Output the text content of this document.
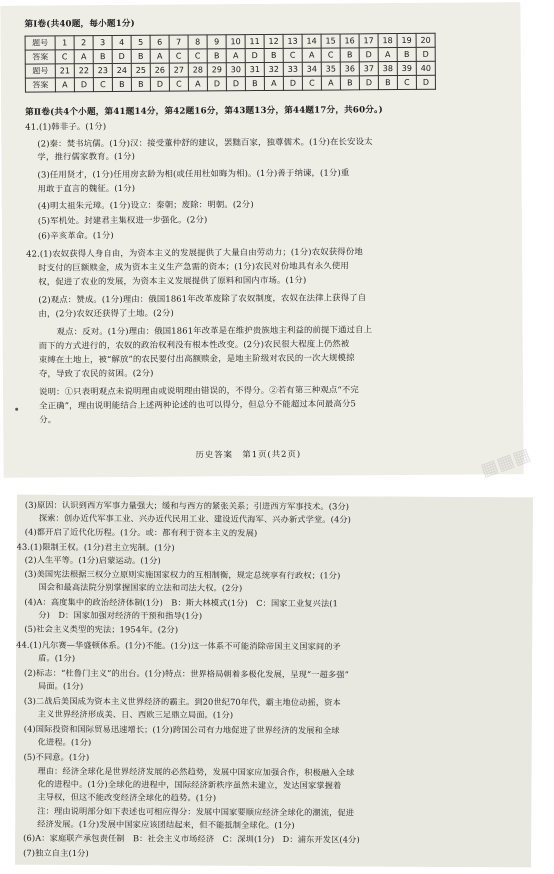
第Ⅰ卷(共40题，每小题1分)
题号	1	2	3	4	5	6	7	8	9	10	11	12	13	14	15	16	17	18	19	20
答案	C	A	B	D	B	A	C	C	B	A	D	B	C	A	C	B	D	A	B	D
题号	21	22	23	24	25	26	27	28	29	30	31	32	33	34	35	36	37	38	39	40
答案	A	D	C	B	B	D	C	A	D	D	B	A	D	C	A	B	D	B	C	D
第Ⅱ卷(共4个小题，第41题14分，第42题16分，第43题13分，第44题17分，共60分。)
41.(1)韩非子。(1分)
(2)秦：焚书坑儒。(1分)汉：接受董仲舒的建议，罢黜百家，独尊儒术。(1分)在长安设太
学，推行儒家教育。(1分)
(3)任用贤才，(1分)任用房玄龄为相(或任用杜如晦为相)。(1分)善于纳谏，(1分)重
用敢于直言的魏征。(1分)
(4)明太祖朱元璋。(1分)设立：秦朝；废除：明朝。(2分)
(5)军机处。封建君主集权进一步强化。(2分)
(6)辛亥革命。(1分)
42.(1)农奴获得人身自由，为资本主义的发展提供了大量自由劳动力；(1分)农奴获得份地
时支付的巨额赎金，成为资本主义生产急需的资本；(1分)农民对份地具有永久使用
权，促进了农业的发展，为资本主义发展提供了原料和国内市场。(1分)
(2)观点：赞成。(1分)理由：俄国1861年改革废除了农奴制度，农奴在法律上获得了自
由，(2分)农奴还获得了土地。(2分)
观点：反对。(1分)理由：俄国1861年改革是在维护贵族地主利益的前提下通过自上
而下的方式进行的，农奴的政治权利没有根本性改变。(2分)农民很大程度上仍然被
束缚在土地上，被“解放”的农民要付出高额赎金，是地主阶级对农民的一次大规模掠
夺，导致了农民的贫困。(2分)
说明：①只表明观点未说明理由或说明理由错误的，不得分。②若有第三种观点“不完
全正确”，理由说明能结合上述两种论述的也可以得分，但总分不能超过本问最高分5
分。
历史答案　第1页(共2页)	▦▦▦
(3)原因：认识到西方军事力量强大；缓和与西方的紧张关系；引进西方军事技术。(3分)
探索：创办近代军事工业、兴办近代民用工业、建设近代海军、兴办新式学堂。(4分)
(4)都开启了近代化历程。(1分。或：都有利于资本主义的发展)
43.(1)限制王权。(1分)君主立宪制。(1分)
(2)人生平等。(1分)启蒙运动。(1分)
(3)美国宪法根据三权分立原则实施国家权力的互相制衡，规定总统享有行政权；(1分)
国会和最高法院分别掌握国家的立法和司法大权。(2分)
(4)A：高度集中的政治经济体制(1分)　B：斯大林模式(1分)　C：国家工业复兴法(1
分)　D：国家加强对经济的干预和指导(1分)
(5)社会主义类型的宪法；1954年。(2分)
44.(1)凡尔赛—华盛顿体系。(1分)不能。(1分)这一体系不可能消除帝国主义国家间的矛
盾。(1分)
(2)标志：“杜鲁门主义”的出台。(1分)特点：世界格局朝着多极化发展，呈现“一超多强”
局面。(1分)
(3)二战后美国成为资本主义世界经济的霸主。到20世纪70年代，霸主地位动摇，资本
主义世界经济形成美、日、西欧三足鼎立局面。(1分)
(4)国际投资和国际贸易迅速增长；(1分)跨国公司有力地促进了世界经济的发展和全球
化进程。(1分)
(5)不同意。(1分)
理由：经济全球化是世界经济发展的必然趋势，发展中国家应加强合作，积极融入全球
化的进程中。(1分)全球化的进程中，国际经济新秩序虽然未建立，发达国家掌握着
主导权，但这不能改变经济全球化的趋势。(1分)
注：理由说明部分如下表述也可相应得分：发展中国家要顺应经济全球化的潮流，促进
经济发展。(1分)发展中国家应该团结起来，但不能抵制全球化。(1分)
(6)A：家庭联产承包责任制　B：社会主义市场经济　C：深圳(1分)　D：浦东开发区(4分)
(7)独立自主(1分)
